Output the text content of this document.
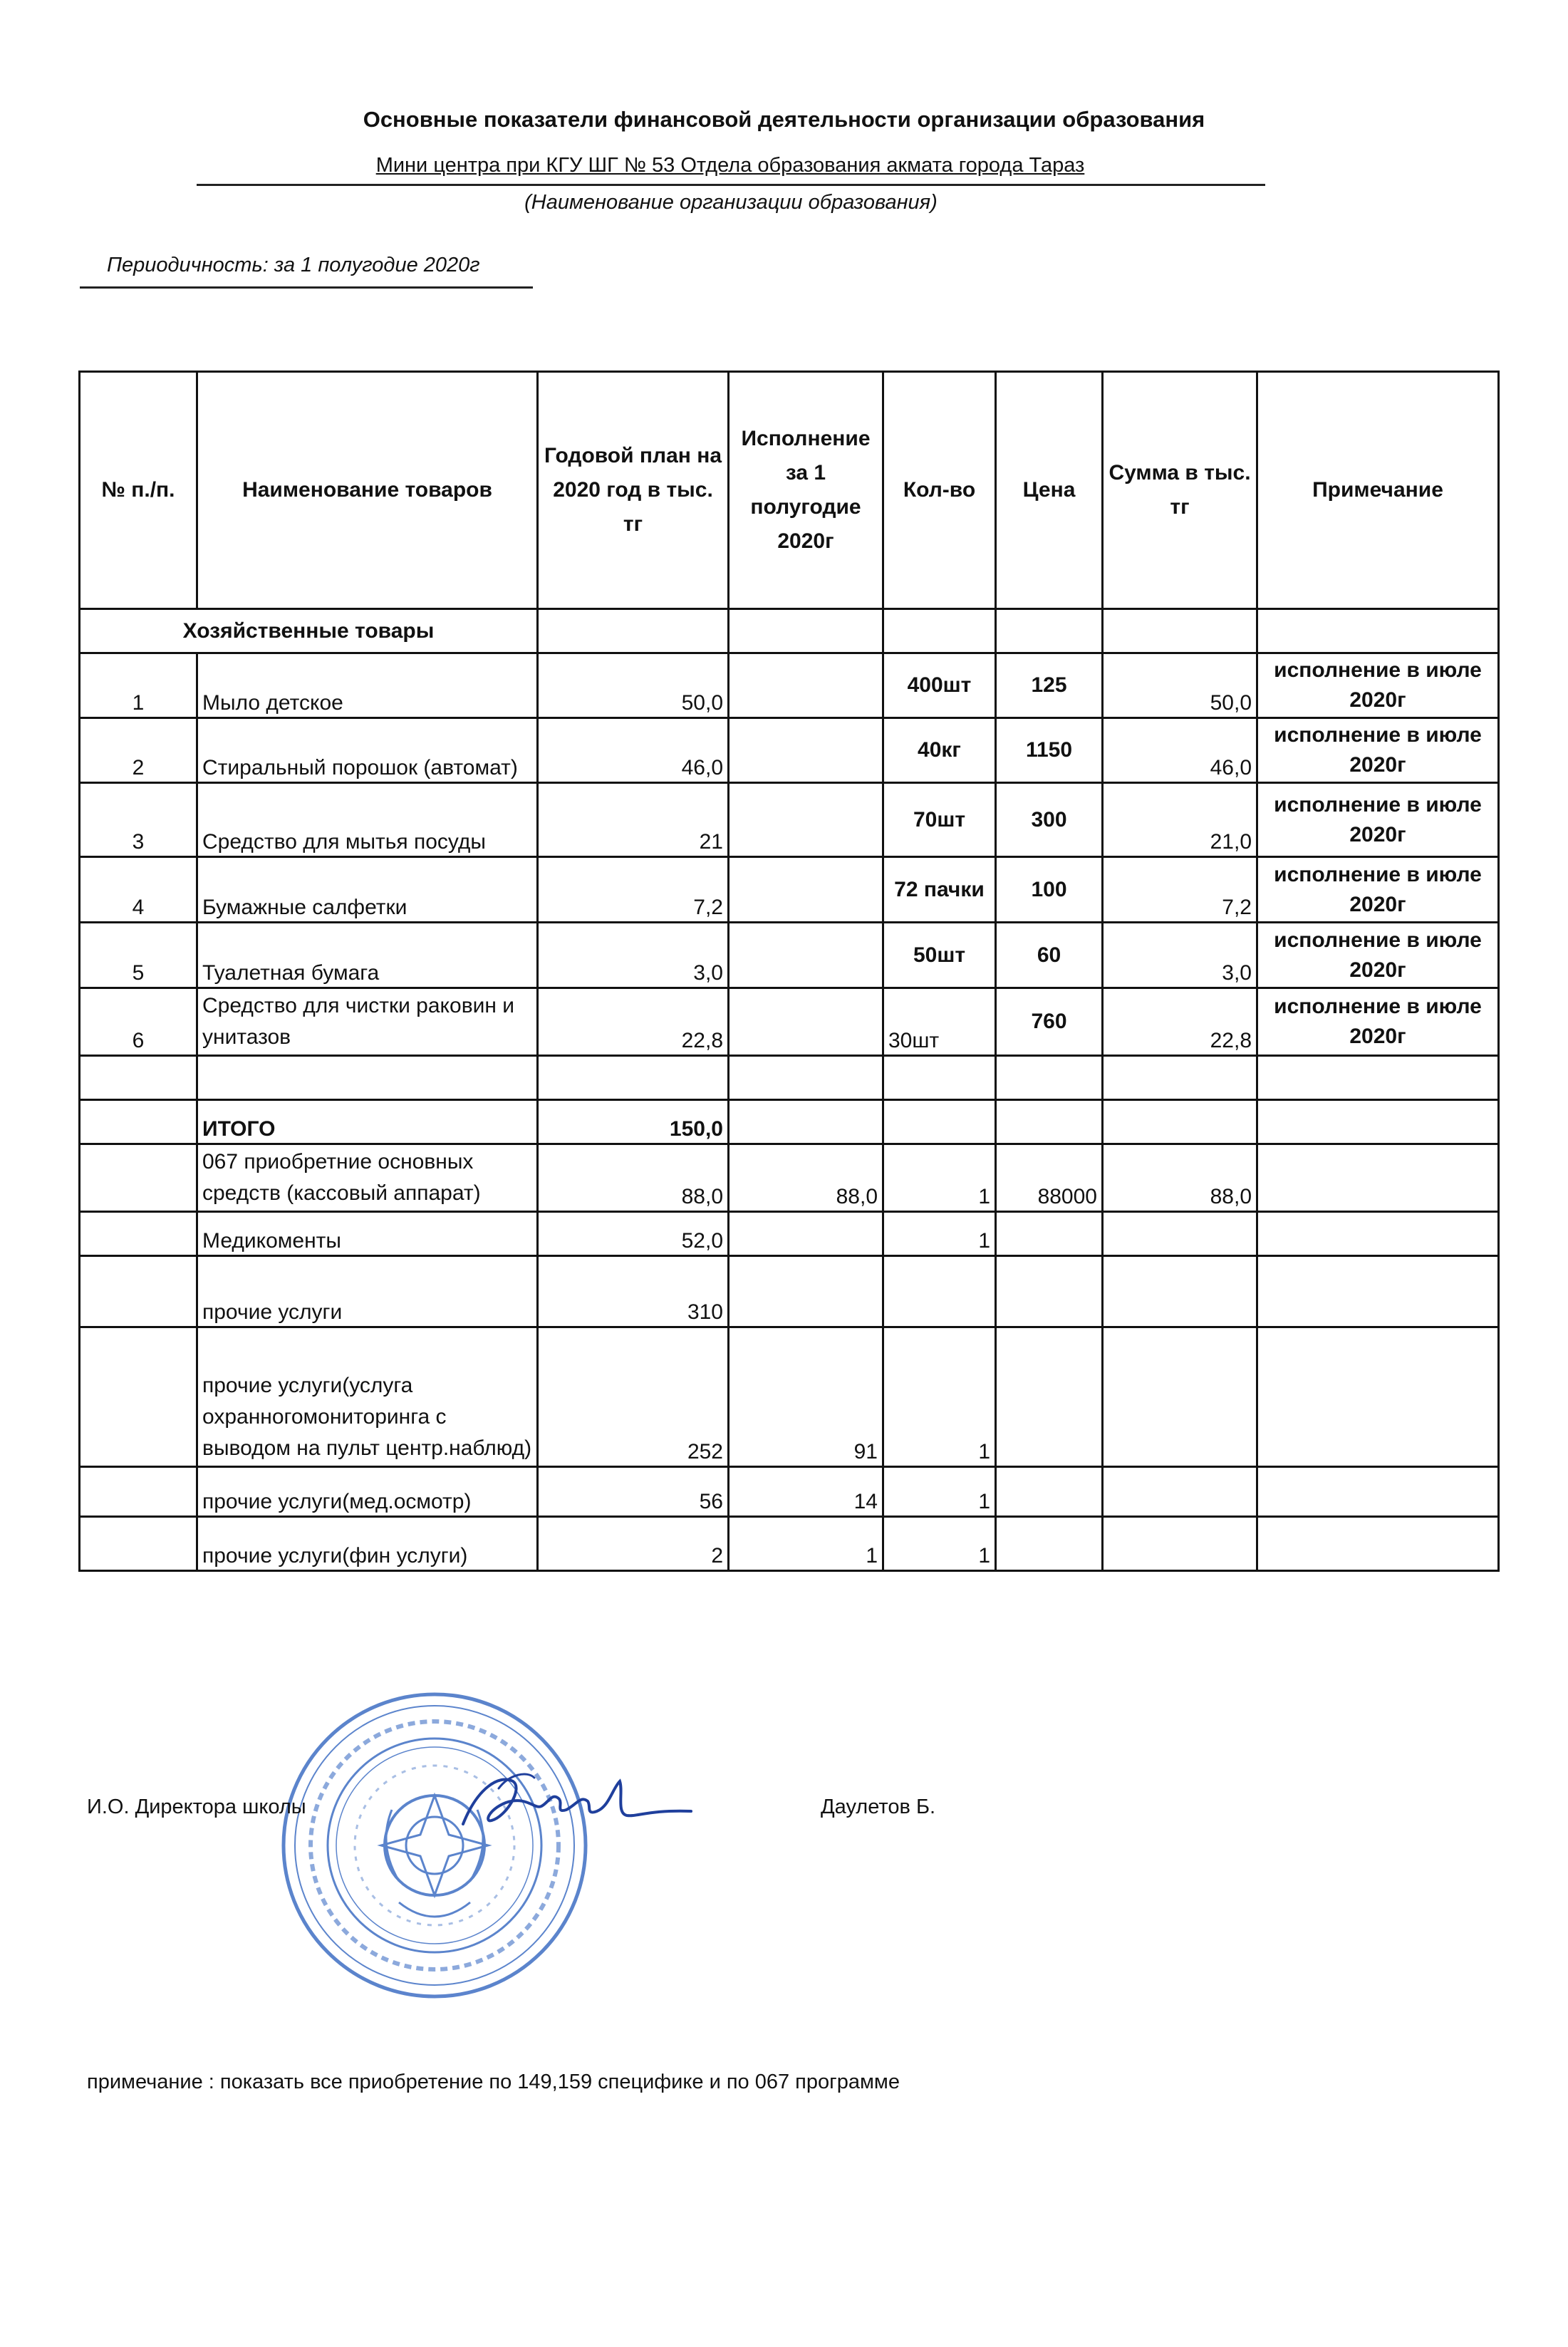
Основные показатели финансовой деятельности организации образования
Мини центра при КГУ ШГ № 53 Отдела образования акмата города Тараз
(Наименование организации образования)
Периодичность: за 1 полугодие 2020г
№ п./п.	Наименование товаров	Годовой план на 2020 год в тыс. тг	Исполнение за 1 полугодие 2020г	Кол-во	Цена	Сумма в тыс. тг	Примечание
Хозяйственные товары							
1	Мыло детское	50,0		400шт	125	50,0	исполнение в июле 2020г
2	Стиральный порошок (автомат)	46,0		40кг	1150	46,0	исполнение в июле 2020г
3	Средство для мытья посуды	21		70шт	300	21,0	исполнение в июле 2020г
4	Бумажные салфетки	7,2		72 пачки	100	7,2	исполнение в июле 2020г
5	Туалетная бумага	3,0		50шт	60	3,0	исполнение в июле 2020г
6	Средство для чистки раковин и унитазов	22,8		30шт	760	22,8	исполнение в июле 2020г

	ИТОГО	150,0					
	067 приобретние основных средств (кассовый аппарат)	88,0	88,0	1	88000	88,0	
	Медикоменты	52,0		1			
	прочие услуги	310					
	прочие услуги(услуга охранногомониторинга с выводом на пульт центр.наблюд)	252	91	1			
	прочие услуги(мед.осмотр)	56	14	1			
	прочие услуги(фин услуги)	2	1	1			
И.О. Директора школы	Даулетов Б.
примечание : показать все приобретение по 149,159 специфике и по 067 программе
